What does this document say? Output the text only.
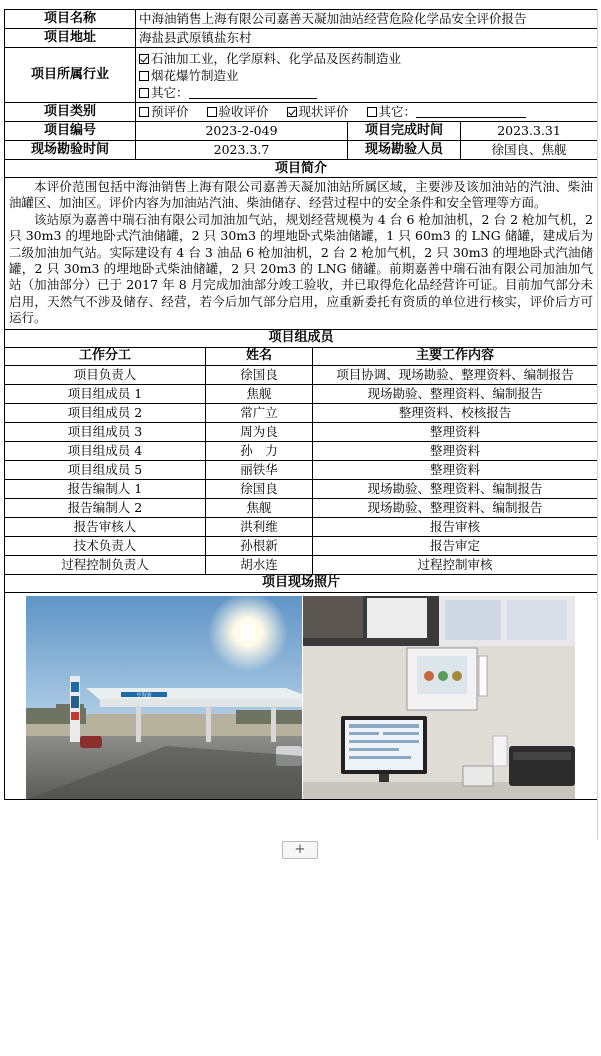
项目名称	中海油销售上海有限公司嘉善天凝加油站经营危险化学品安全评价报告		
项目地址	海盐县武原镇盐东村		
项目所属行业	石油加工业，化学原料、化学品及医药制造业
烟花爆竹制造业
其它：		

项目类别	预评价 验收评价 现状评价 其它：		
项目编号	2023-2-049	项目完成时间	2023.3.31
现场勘验时间	2023.3.7	现场勘验人员	徐国良、焦舰
项目简介			

本评价范围包括中海油销售上海有限公司嘉善天凝加油站所属区域，主要涉及该加油站的汽油、柴油油罐区、加油区。评价内容为加油站汽油、柴油储存、经营过程中的安全条件和安全管理等方面。

该站原为嘉善中瑞石油有限公司加油加气站，规划经营规模为 4 台 6 枪加油机，2 台 2 枪加气机，2 只 30m3 的埋地卧式汽油储罐，2 只 30m3 的埋地卧式柴油储罐，1 只 60m3 的 LNG 储罐，建成后为二级加油加气站。实际建设有 4 台 3 油品 6 枪加油机，2 台 2 枪加气机，2 只 30m3 的埋地卧式汽油储罐，2 只 30m3 的埋地卧式柴油储罐，2 只 20m3 的 LNG 储罐。前期嘉善中瑞石油有限公司加油加气站（加油部分）已于 2017 年 8 月完成加油部分竣工验收，并已取得危化品经营许可证。目前加气部分未启用，天然气不涉及储存、经营，若今后加气部分启用，应重新委托有资质的单位进行核实，评价后方可运行。			

项目组成员		
工作分工	姓名	主要工作内容
项目负责人	徐国良	项目协调、现场勘验、整理资料、编制报告
项目组成员 1	焦舰	现场勘验、整理资料、编制报告
项目组成员 2	常广立	整理资料、校核报告
项目组成员 3	周为良	整理资料
项目组成员 4	孙　力	整理资料
项目组成员 5	丽铁华	整理资料
报告编制人 1	徐国良	现场勘验、整理资料、编制报告
报告编制人 2	焦舰	现场勘验、整理资料、编制报告
报告审核人	洪利维	报告审核
技术负责人	孙根新	报告审定
过程控制负责人	胡水连	过程控制审核
项目现场照片		

中海油		
+
